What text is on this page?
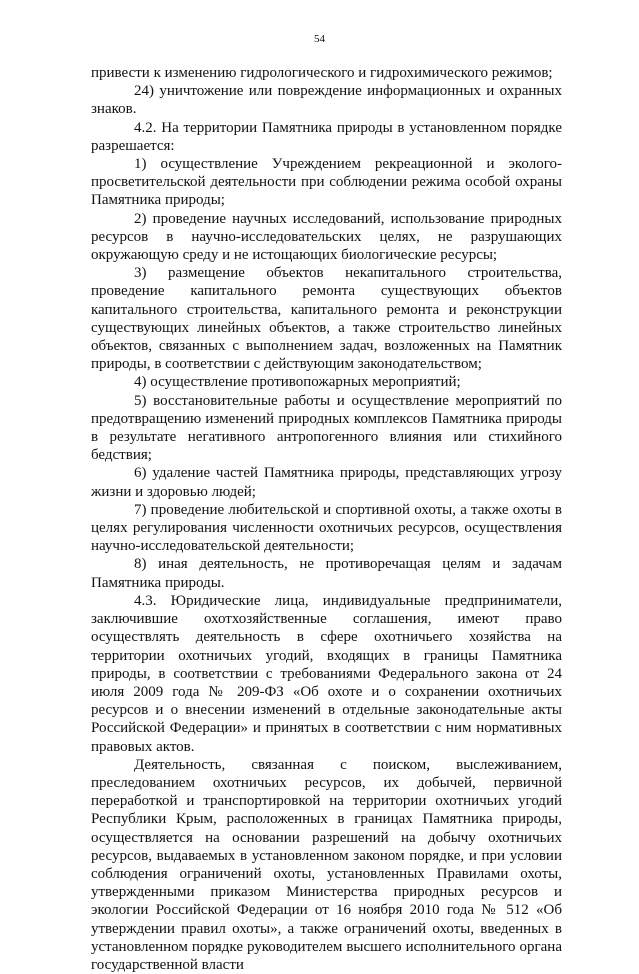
54

привести к изменению гидрологического и гидрохимического режимов;

24) уничтожение или повреждение информационных и охранных знаков.

4.2. На территории Памятника природы в установленном порядке разрешается:

1) осуществление Учреждением рекреационной и эколого-просветительской деятельности при соблюдении режима особой охраны Памятника природы;

2) проведение научных исследований, использование природных ресурсов в научно-исследовательских целях, не разрушающих окружающую среду и не истощающих биологические ресурсы;

3) размещение объектов некапитального строительства, проведение капитального ремонта существующих объектов капитального строительства, капитального ремонта и реконструкции существующих линейных объектов, а также строительство линейных объектов, связанных с выполнением задач, возложенных на Памятник природы, в соответствии с действующим законодательством;

4) осуществление противопожарных мероприятий;

5) восстановительные работы и осуществление мероприятий по предотвращению изменений природных комплексов Памятника природы в результате негативного антропогенного влияния или стихийного бедствия;

6) удаление частей Памятника природы, представляющих угрозу жизни и здоровью людей;

7) проведение любительской и спортивной охоты, а также охоты в целях регулирования численности охотничьих ресурсов, осуществления научно-исследовательской деятельности;

8) иная деятельность, не противоречащая целям и задачам Памятника природы.

4.3. Юридические лица, индивидуальные предприниматели, заключившие охотхозяйственные соглашения, имеют право осуществлять деятельность в сфере охотничьего хозяйства на территории охотничьих угодий, входящих в границы Памятника природы, в соответствии с требованиями Федерального закона от 24 июля 2009 года № 209-ФЗ «Об охоте и о сохранении охотничьих ресурсов и о внесении изменений в отдельные законодательные акты Российской Федерации» и принятых в соответствии с ним нормативных правовых актов.

Деятельность, связанная с поиском, выслеживанием, преследованием охотничьих ресурсов, их добычей, первичной переработкой и транспортировкой на территории охотничьих угодий Республики Крым, расположенных в границах Памятника природы, осуществляется на основании разрешений на добычу охотничьих ресурсов, выдаваемых в установленном законом порядке, и при условии соблюдения ограничений охоты, установленных Правилами охоты, утвержденными приказом Министерства природных ресурсов и экологии Российской Федерации от 16 ноября 2010 года № 512 «Об утверждении правил охоты», а также ограничений охоты, введенных в установленном порядке руководителем высшего исполнительного органа государственной власти
